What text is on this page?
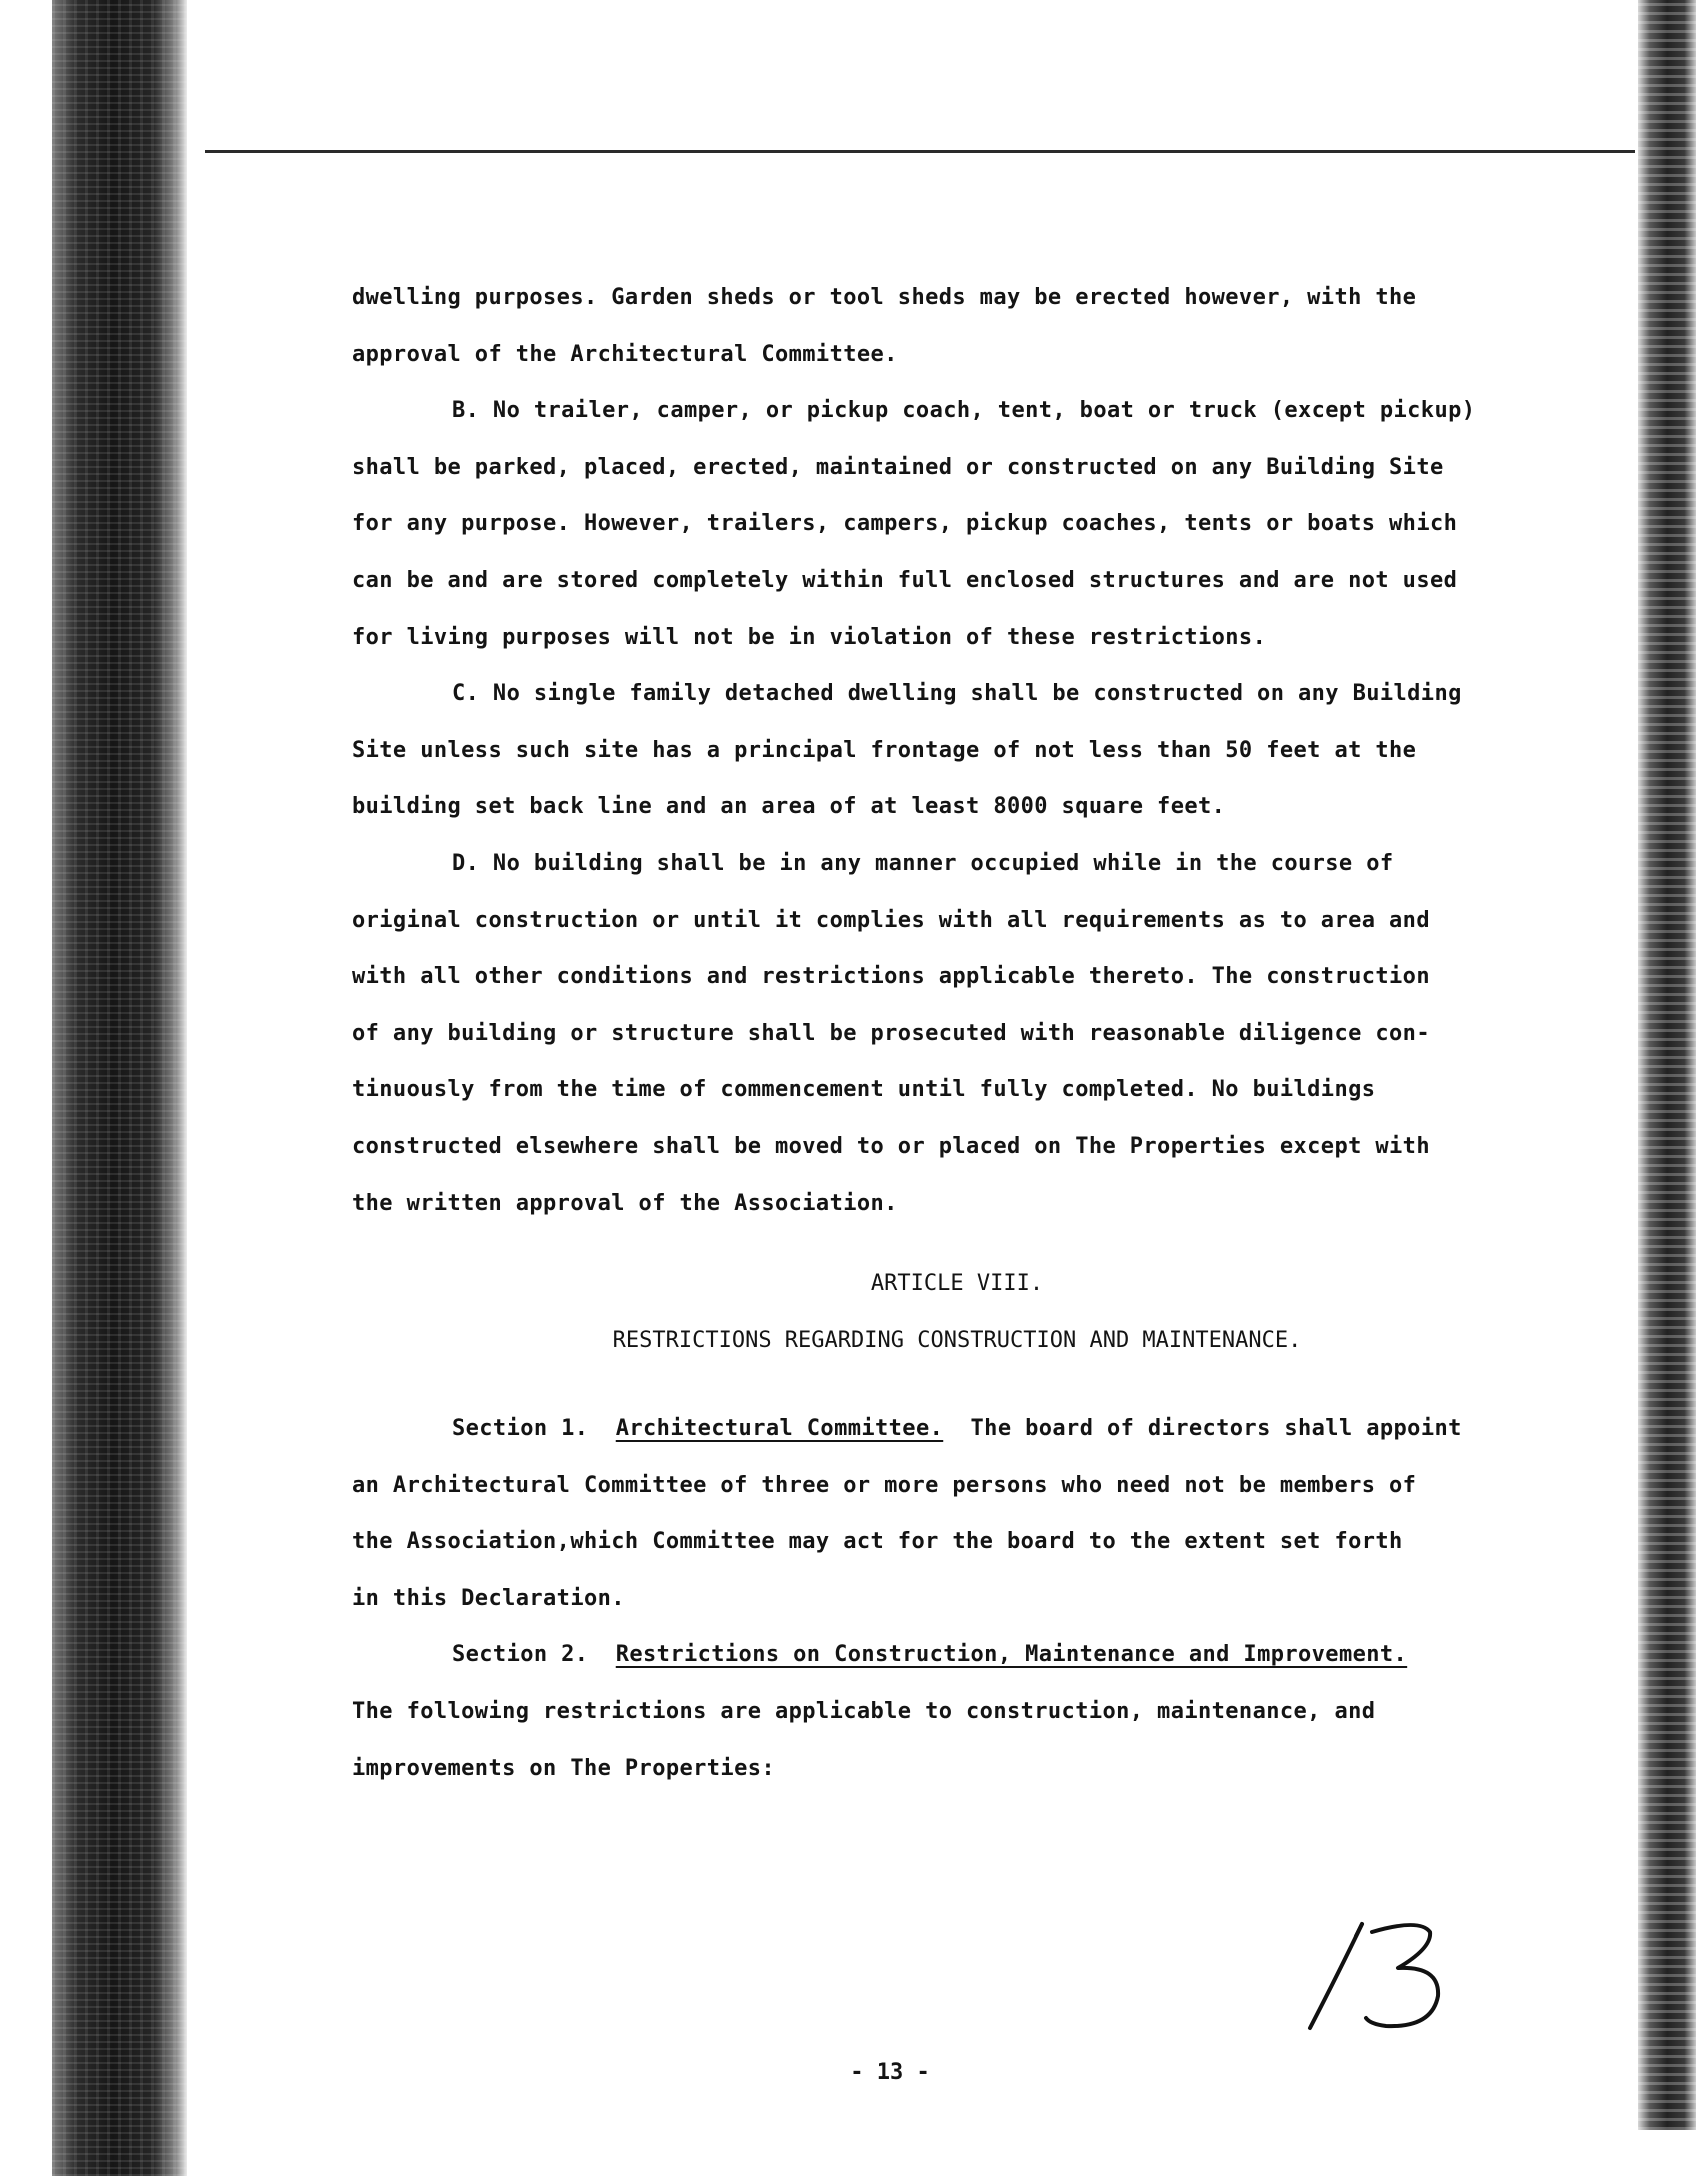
dwelling purposes. Garden sheds or tool sheds may be erected however, with the
approval of the Architectural Committee.
B. No trailer, camper, or pickup coach, tent, boat or truck (except pickup)
shall be parked, placed, erected, maintained or constructed on any Building Site
for any purpose. However, trailers, campers, pickup coaches, tents or boats which
can be and are stored completely within full enclosed structures and are not used
for living purposes will not be in violation of these restrictions.
C. No single family detached dwelling shall be constructed on any Building
Site unless such site has a principal frontage of not less than 50 feet at the
building set back line and an area of at least 8000 square feet.
D. No building shall be in any manner occupied while in the course of
original construction or until it complies with all requirements as to area and
with all other conditions and restrictions applicable thereto. The construction
of any building or structure shall be prosecuted with reasonable diligence con-
tinuously from the time of commencement until fully completed. No buildings
constructed elsewhere shall be moved to or placed on The Properties except with
the written approval of the Association.
ARTICLE VIII.
RESTRICTIONS REGARDING CONSTRUCTION AND MAINTENANCE.
Section 1. Architectural Committee. The board of directors shall appoint
an Architectural Committee of three or more persons who need not be members of
the Association,which Committee may act for the board to the extent set forth
in this Declaration.
Section 2. Restrictions on Construction, Maintenance and Improvement.
The following restrictions are applicable to construction, maintenance, and
improvements on The Properties:
- 13 -
